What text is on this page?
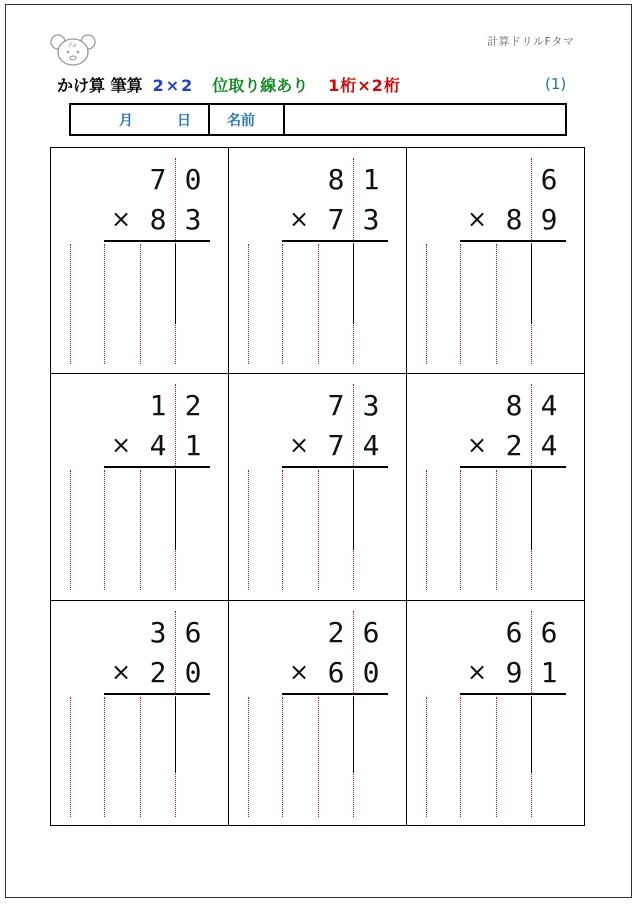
Fa	計算ドリルFタマ
かけ算 筆算 2×2 位取り線あり 1桁×2桁	(1)
月	日	名前
7 0
× 8 3
8 1
× 7 3
6
× 8 9
1 2
× 4 1
7 3
× 7 4
8 4
× 2 4
3 6
× 2 0
2 6
× 6 0
6 6
× 9 1
